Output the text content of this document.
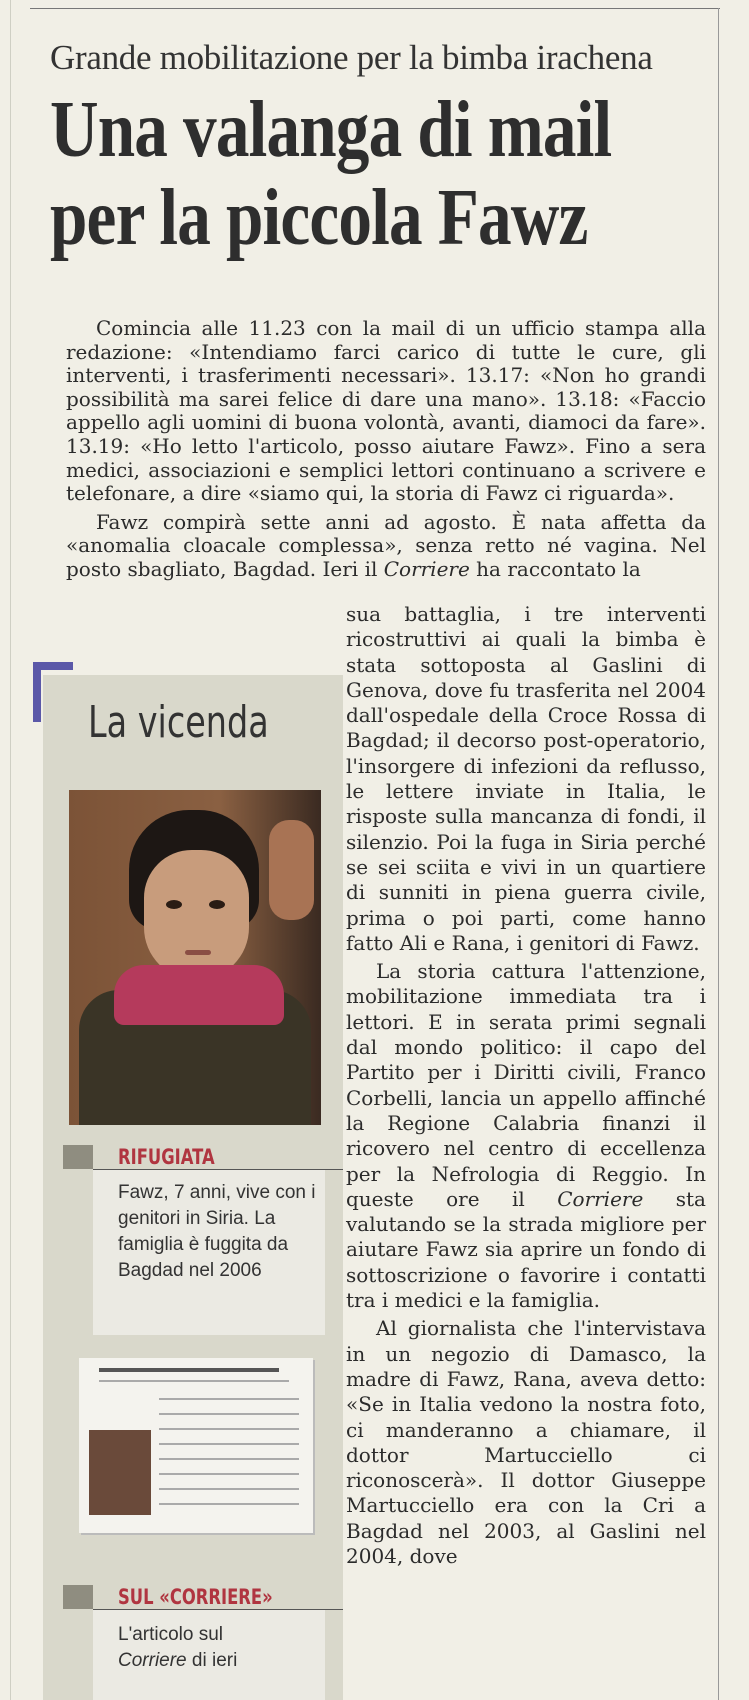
Grande mobilitazione per la bimba irachena
Una valanga di mail
per la piccola Fawz

Comincia alle 11.23 con la mail di un ufficio stampa alla redazione: «Intendiamo farci carico di tutte le cure, gli interventi, i trasferimenti necessari». 13.17: «Non ho grandi possibilità ma sarei felice di dare una mano». 13.18: «Faccio appello agli uomini di buona volontà, avanti, diamoci da fare». 13.19: «Ho letto l'articolo, posso aiutare Fawz». Fino a sera medici, associazioni e semplici lettori continuano a scrivere e telefonare, a dire «siamo qui, la storia di Fawz ci riguarda».

Fawz compirà sette anni ad agosto. È nata affetta da «anomalia cloacale complessa», senza retto né vagina. Nel posto sbagliato, Bagdad. Ieri il Corriere ha raccontato la

sua battaglia, i tre interventi ricostruttivi ai quali la bimba è stata sottoposta al Gaslini di Genova, dove fu trasferita nel 2004 dall'ospedale della Croce Rossa di Bagdad; il decorso post-operatorio, l'insorgere di infezioni da reflusso, le lettere inviate in Italia, le risposte sulla mancanza di fondi, il silenzio. Poi la fuga in Siria perché se sei sciita e vivi in un quartiere di sunniti in piena guerra civile, prima o poi parti, come hanno fatto Ali e Rana, i genitori di Fawz.

La storia cattura l'attenzione, mobilitazione immediata tra i lettori. E in serata primi segnali dal mondo politico: il capo del Partito per i Diritti civili, Franco Corbelli, lancia un appello affinché la Regione Calabria finanzi il ricovero nel centro di eccellenza per la Nefrologia di Reggio. In queste ore il Corriere sta valutando se la strada migliore per aiutare Fawz sia aprire un fondo di sottoscrizione o favorire i contatti tra i medici e la famiglia.

Al giornalista che l'intervistava in un negozio di Damasco, la madre di Fawz, Rana, aveva detto: «Se in Italia vedono la nostra foto, ci manderanno a chiamare, il dottor Martucciello ci riconoscerà». Il dottor Giuseppe Martucciello era con la Cri a Bagdad nel 2003, al Gaslini nel 2004, dove

La vicenda
RIFUGIATA

Fawz, 7 anni, vive con i genitori in Siria. La famiglia è fuggita da Bagdad nel 2006

SUL «CORRIERE»

L'articolo sul

Corriere di ieri
